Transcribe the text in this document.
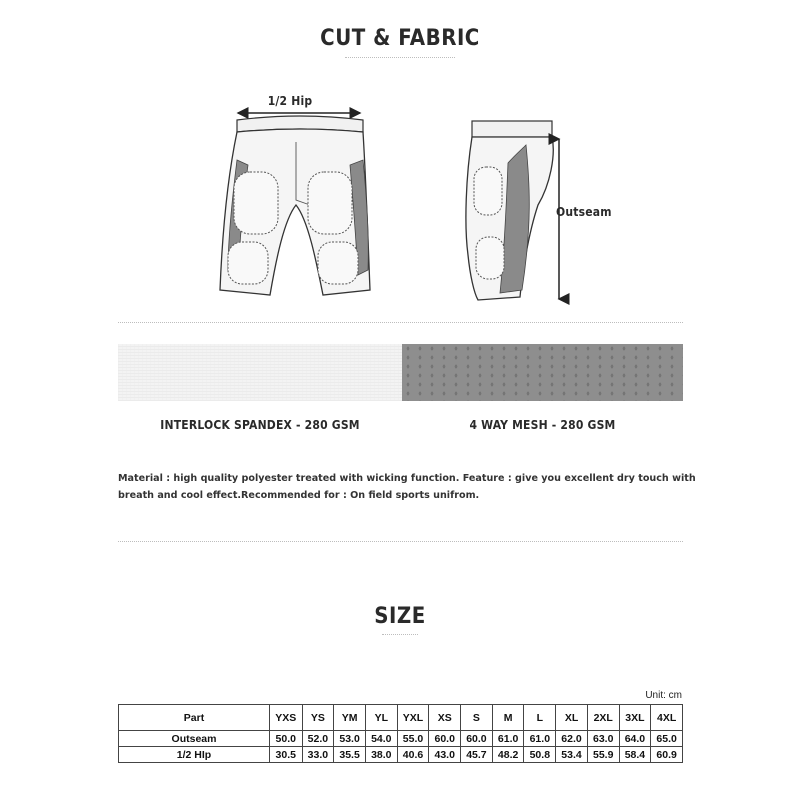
CUT & FABRIC
1/2 Hip
Outseam
INTERLOCK SPANDEX - 280 GSM	4 WAY MESH - 280 GSM
Material : high quality polyester treated with wicking function. Feature : give you excellent dry touch with breath and cool effect.Recommended for : On field sports unifrom.
SIZE
Unit: cm
Part	YXS	YS	YM	YL	YXL	XS	S	M	L	XL	2XL	3XL	4XL
Outseam	50.0	52.0	53.0	54.0	55.0	60.0	60.0	61.0	61.0	62.0	63.0	64.0	65.0
1/2 HIp	30.5	33.0	35.5	38.0	40.6	43.0	45.7	48.2	50.8	53.4	55.9	58.4	60.9
